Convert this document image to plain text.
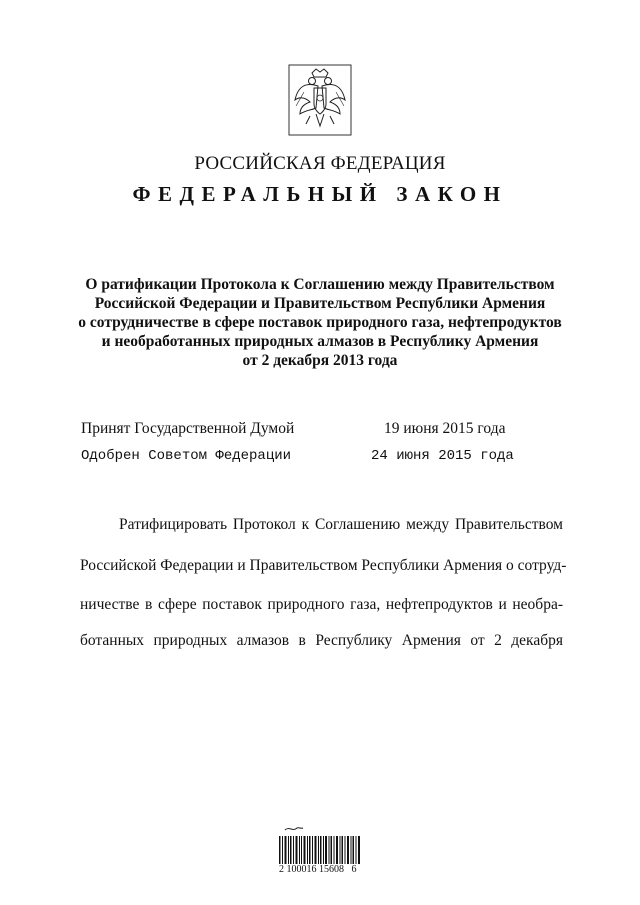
РОССИЙСКАЯ ФЕДЕРАЦИЯ
ФЕДЕРАЛЬНЫЙ ЗАКОН
О ратификации Протокола к Соглашению между Правительством
Российской Федерации и Правительством Республики Армения
о сотрудничестве в сфере поставок природного газа, нефтепродуктов
и необработанных природных алмазов в Республику Армения
от 2 декабря 2013 года
Принят Государственной Думой	19 июня 2015 года
Одобрен Советом Федерации	24 июня 2015 года
Ратифицировать Протокол к Соглашению между Правительством
Российской Федерации и Правительством Республики Армения о сотруд-
ничестве в сфере поставок природного газа, нефтепродуктов и необра-
ботанных природных алмазов в Республику Армения от 2 декабря
2 100016 15608   6
